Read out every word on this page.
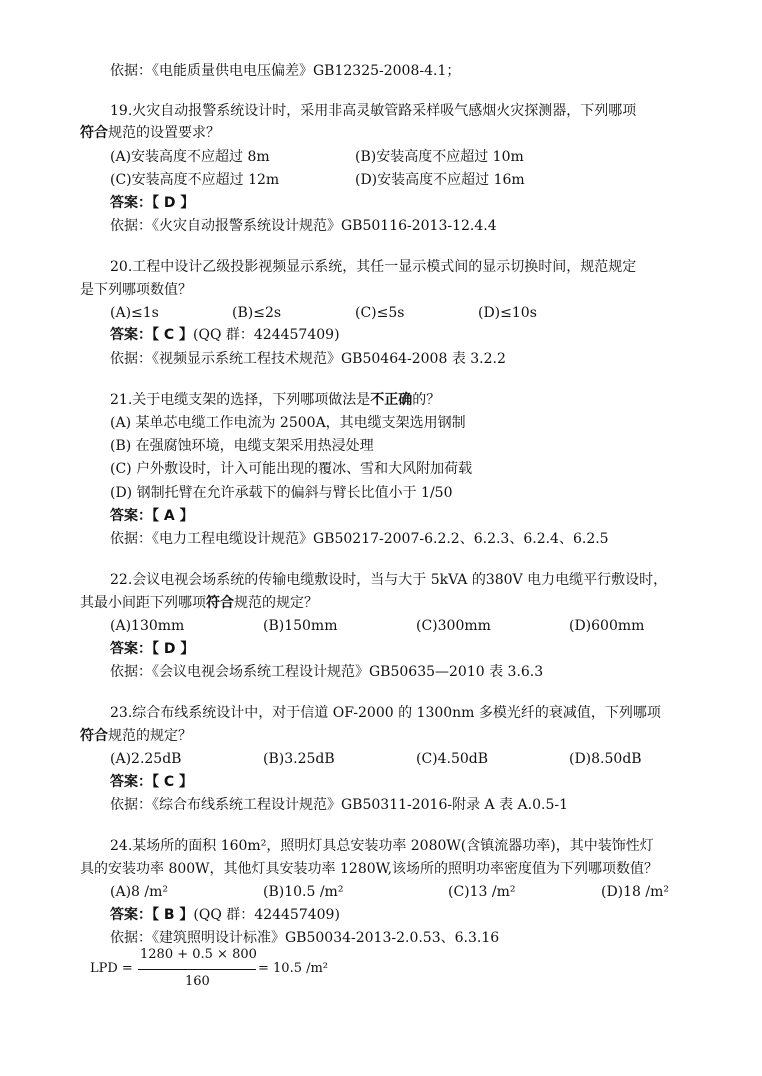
依据：《电能质量供电电压偏差》GB12325-2008-4.1；
19.火灾自动报警系统设计时，采用非高灵敏管路采样吸气感烟火灾探测器，下列哪项
符合规范的设置要求？
(A)安装高度不应超过 8m	(B)安装高度不应超过 10m
(C)安装高度不应超过 12m	(D)安装高度不应超过 16m
答案：【 D 】
依据：《火灾自动报警系统设计规范》GB50116-2013-12.4.4
20.工程中设计乙级投影视频显示系统，其任一显示模式间的显示切换时间，规范规定
是下列哪项数值？
(A)≤1s	(B)≤2s	(C)≤5s	(D)≤10s
答案：【 C 】(QQ 群：424457409)
依据：《视频显示系统工程技术规范》GB50464-2008 表 3.2.2
21.关于电缆支架的选择，下列哪项做法是不正确的？
(A) 某单芯电缆工作电流为 2500A，其电缆支架选用钢制
(B) 在强腐蚀环境，电缆支架采用热浸处理
(C) 户外敷设时，计入可能出现的覆冰、雪和大风附加荷载
(D) 钢制托臂在允许承载下的偏斜与臂长比值小于 1/50
答案：【 A 】
依据：《电力工程电缆设计规范》GB50217-2007-6.2.2、6.2.3、6.2.4、6.2.5
22.会议电视会场系统的传输电缆敷设时，当与大于 5kVA 的380V 电力电缆平行敷设时，
其最小间距下列哪项符合规范的规定？
(A)130mm	(B)150mm	(C)300mm	(D)600mm
答案：【 D 】
依据：《会议电视会场系统工程设计规范》GB50635—2010 表 3.6.3
23.综合布线系统设计中，对于信道 OF-2000 的 1300nm 多模光纤的衰减值，下列哪项
符合规范的规定？
(A)2.25dB	(B)3.25dB	(C)4.50dB	(D)8.50dB
答案：【 C 】
依据：《综合布线系统工程设计规范》GB50311-2016-附录 A 表 A.0.5-1
24.某场所的面积 160m²，照明灯具总安装功率 2080W(含镇流器功率)，其中装饰性灯
具的安装功率 800W，其他灯具安装功率 1280W,该场所的照明功率密度值为下列哪项数值？
(A)8 /m²	(B)10.5 /m²	(C)13 /m²	(D)18 /m²
答案：【 B 】(QQ 群：424457409)
依据：《建筑照明设计标准》GB50034-2013-2.0.53、6.3.16
LPD =
1280 + 0.5 × 800
160
= 10.5 /m²
